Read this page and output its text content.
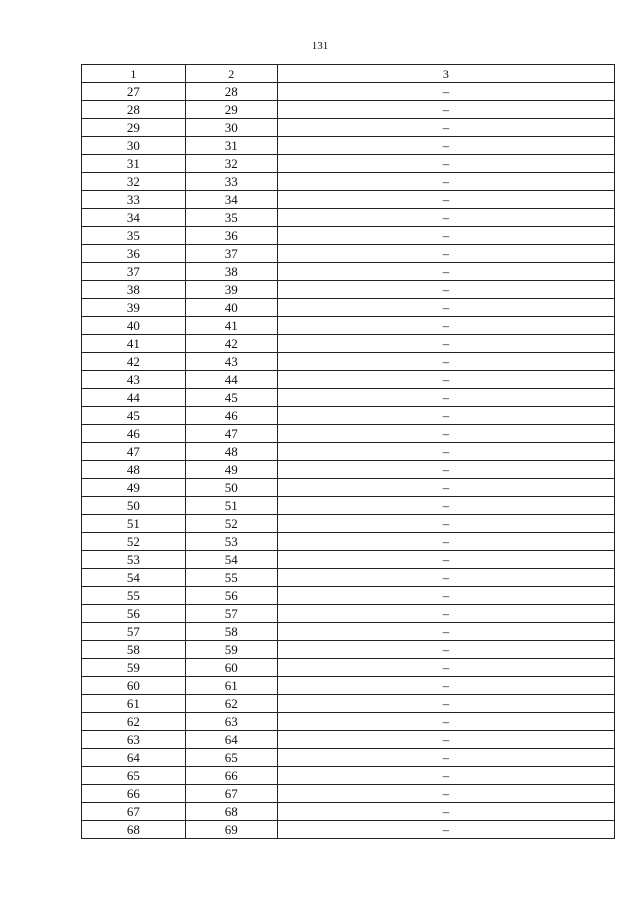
131
1	2	3
27	28	–
28	29	–
29	30	–
30	31	–
31	32	–
32	33	–
33	34	–
34	35	–
35	36	–
36	37	–
37	38	–
38	39	–
39	40	–
40	41	–
41	42	–
42	43	–
43	44	–
44	45	–
45	46	–
46	47	–
47	48	–
48	49	–
49	50	–
50	51	–
51	52	–
52	53	–
53	54	–
54	55	–
55	56	–
56	57	–
57	58	–
58	59	–
59	60	–
60	61	–
61	62	–
62	63	–
63	64	–
64	65	–
65	66	–
66	67	–
67	68	–
68	69	–
